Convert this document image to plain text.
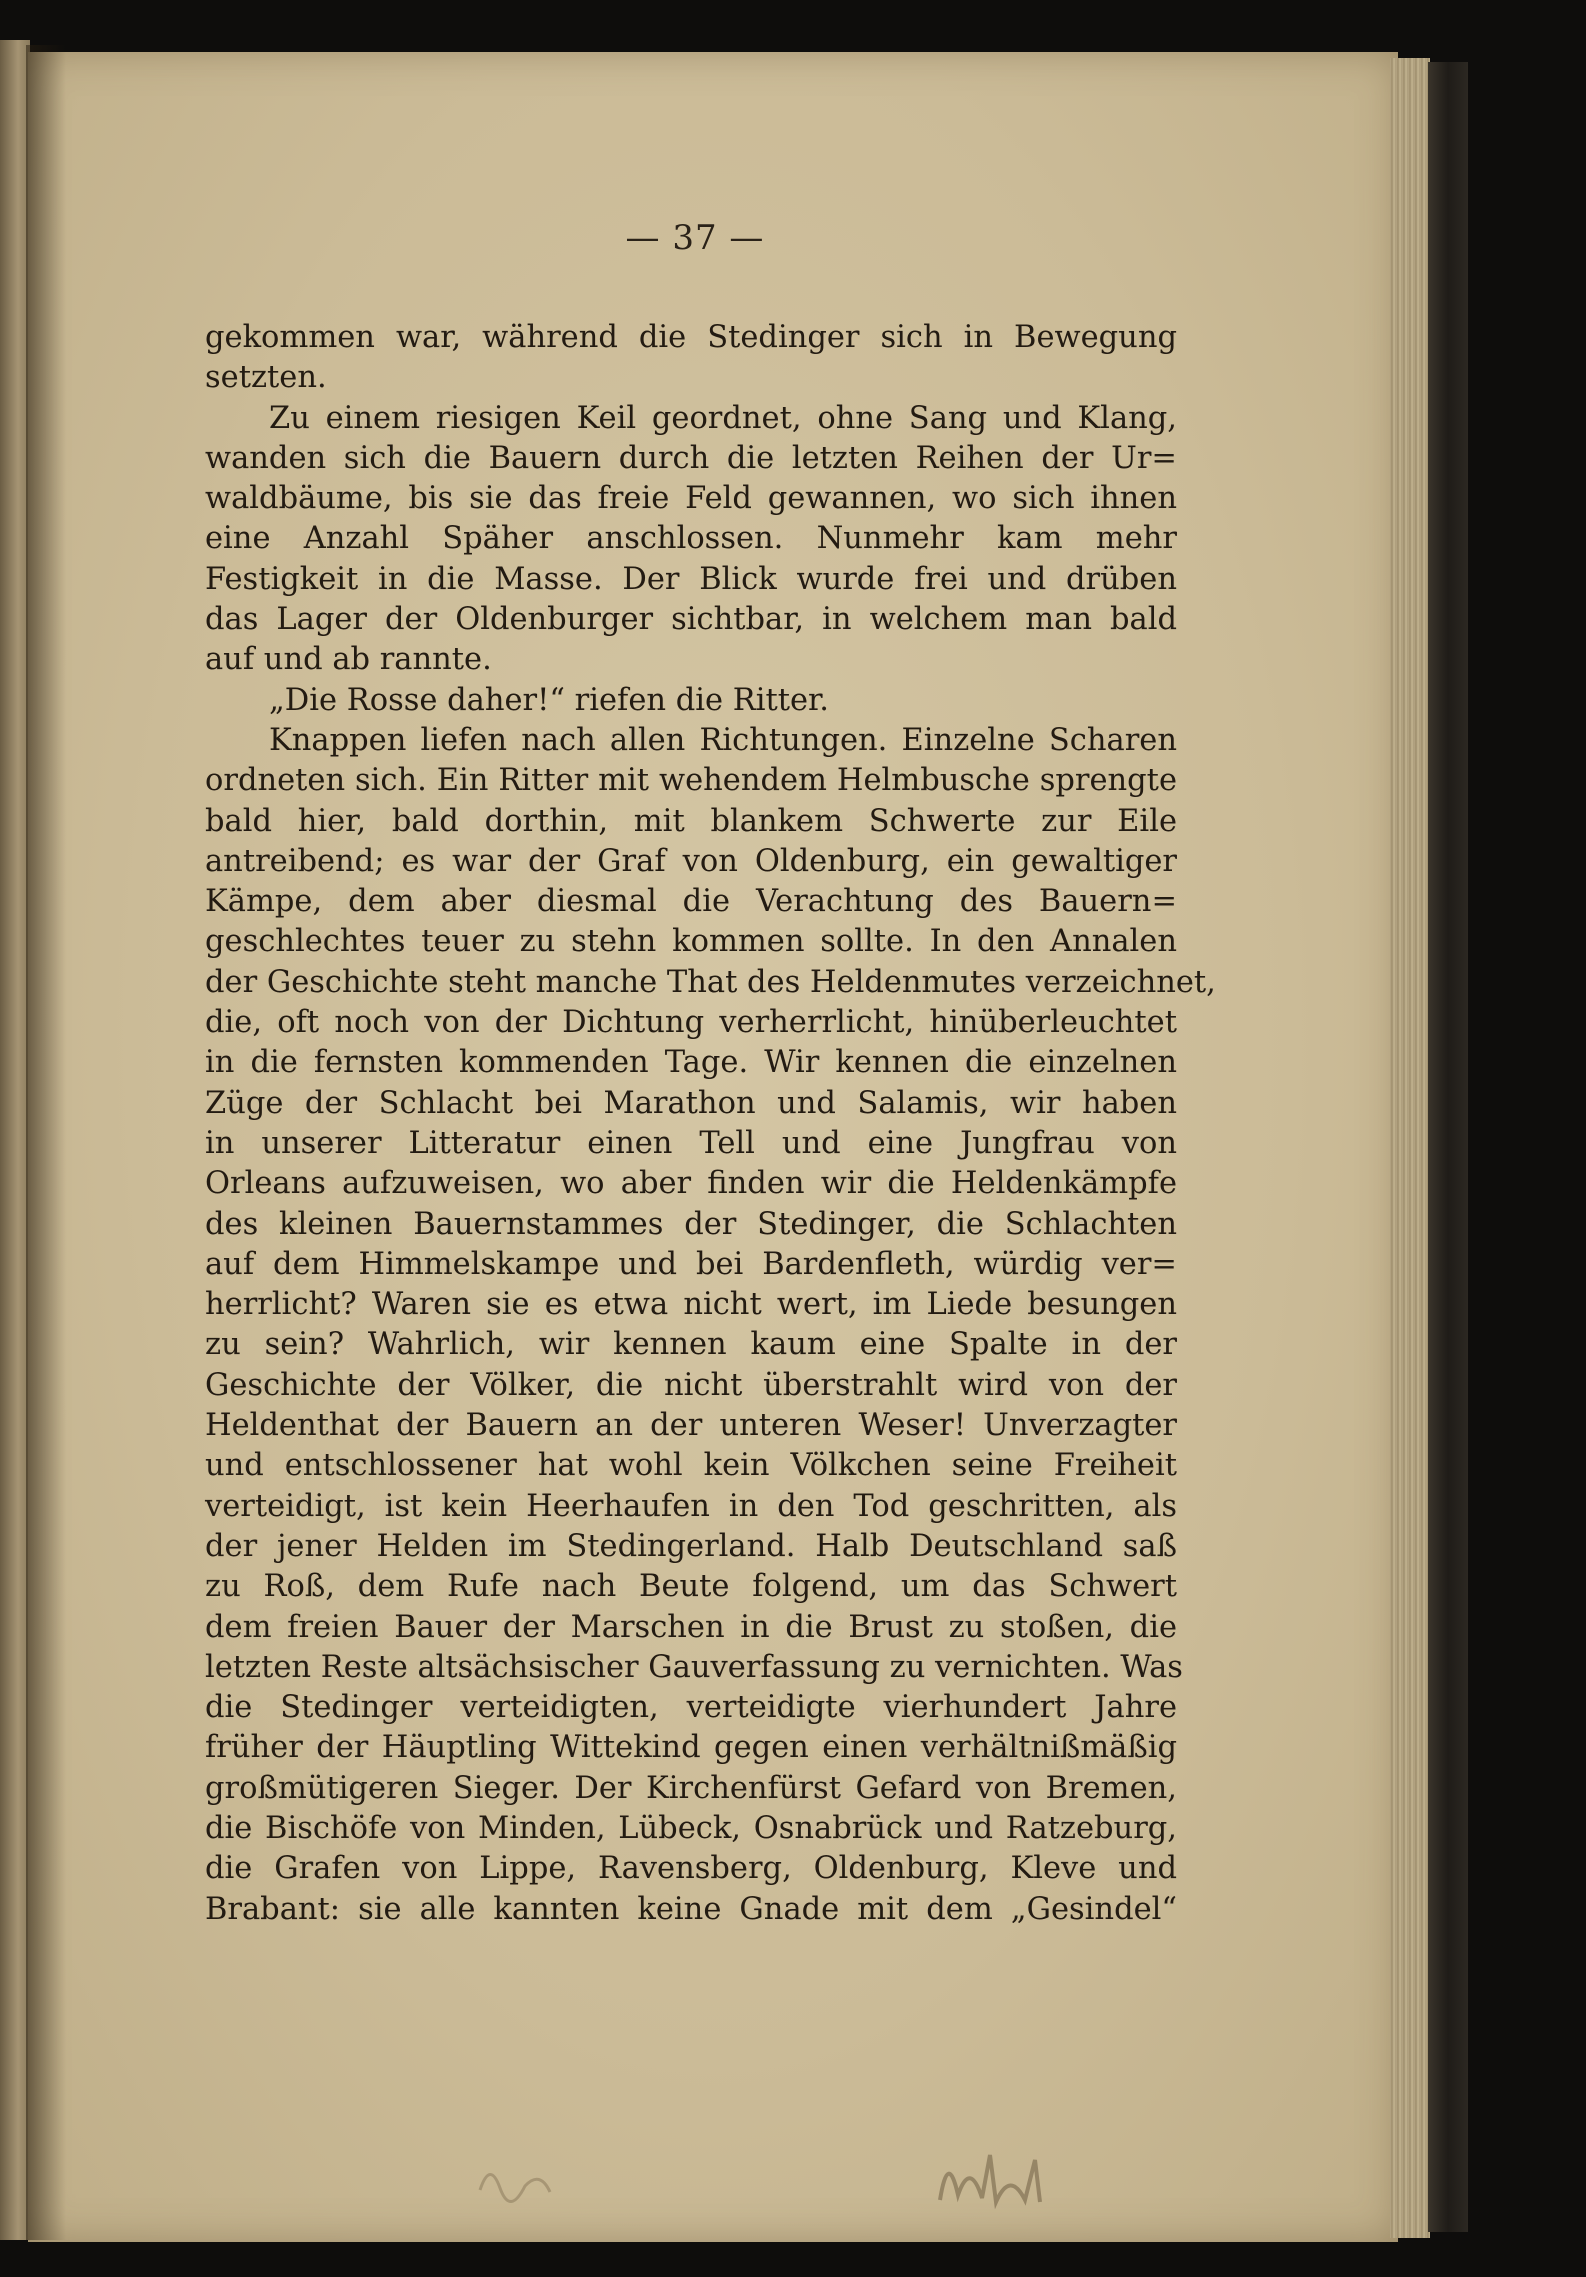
— 37 —
gekommen war, während die Stedinger sich in Bewegung
setzten.
Zu einem riesigen Keil geordnet, ohne Sang und Klang,
wanden sich die Bauern durch die letzten Reihen der Ur=
waldbäume, bis sie das freie Feld gewannen, wo sich ihnen
eine Anzahl Späher anschlossen. Nunmehr kam mehr
Festigkeit in die Masse. Der Blick wurde frei und drüben
das Lager der Oldenburger sichtbar, in welchem man bald
auf und ab rannte.
„Die Rosse daher!“ riefen die Ritter.
Knappen liefen nach allen Richtungen. Einzelne Scharen
ordneten sich. Ein Ritter mit wehendem Helmbusche sprengte
bald hier, bald dorthin, mit blankem Schwerte zur Eile
antreibend; es war der Graf von Oldenburg, ein gewaltiger
Kämpe, dem aber diesmal die Verachtung des Bauern=
geschlechtes teuer zu stehn kommen sollte. In den Annalen
der Geschichte steht manche That des Heldenmutes verzeichnet,
die, oft noch von der Dichtung verherrlicht, hinüberleuchtet
in die fernsten kommenden Tage. Wir kennen die einzelnen
Züge der Schlacht bei Marathon und Salamis, wir haben
in unserer Litteratur einen Tell und eine Jungfrau von
Orleans aufzuweisen, wo aber finden wir die Heldenkämpfe
des kleinen Bauernstammes der Stedinger, die Schlachten
auf dem Himmelskampe und bei Bardenfleth, würdig ver=
herrlicht? Waren sie es etwa nicht wert, im Liede besungen
zu sein? Wahrlich, wir kennen kaum eine Spalte in der
Geschichte der Völker, die nicht überstrahlt wird von der
Heldenthat der Bauern an der unteren Weser! Unverzagter
und entschlossener hat wohl kein Völkchen seine Freiheit
verteidigt, ist kein Heerhaufen in den Tod geschritten, als
der jener Helden im Stedingerland. Halb Deutschland saß
zu Roß, dem Rufe nach Beute folgend, um das Schwert
dem freien Bauer der Marschen in die Brust zu stoßen, die
letzten Reste altsächsischer Gauverfassung zu vernichten. Was
die Stedinger verteidigten, verteidigte vierhundert Jahre
früher der Häuptling Wittekind gegen einen verhältnißmäßig
großmütigeren Sieger. Der Kirchenfürst Gefard von Bremen,
die Bischöfe von Minden, Lübeck, Osnabrück und Ratzeburg,
die Grafen von Lippe, Ravensberg, Oldenburg, Kleve und
Brabant: sie alle kannten keine Gnade mit dem „Gesindel“
